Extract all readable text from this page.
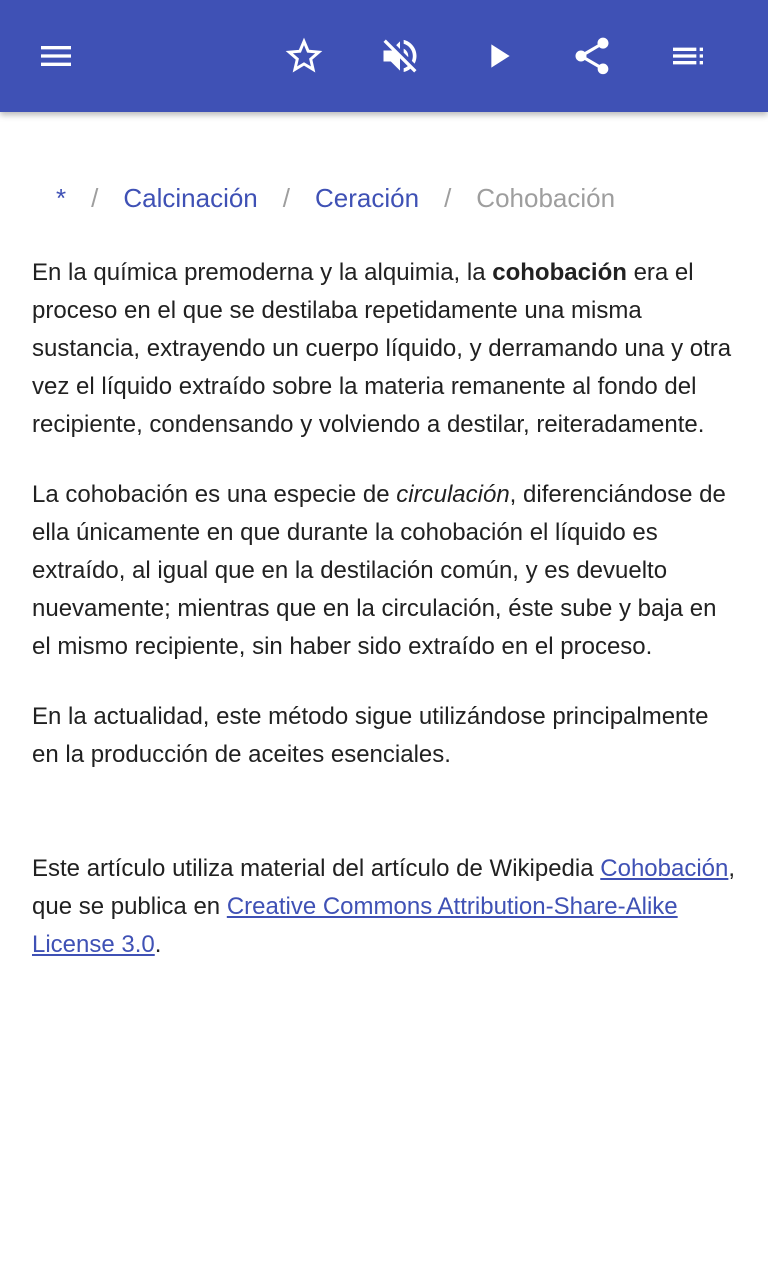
* / Calcinación / Ceración / Cohobación

En la química premoderna y la alquimia, la cohobación era el proceso en el que se destilaba repetidamente una misma sustancia, extrayendo un cuerpo líquido, y derramando una y otra vez el líquido extraído sobre la materia remanente al fondo del recipiente, condensando y volviendo a destilar, reiteradamente.

La cohobación es una especie de circulación, diferenciándose de ella únicamente en que durante la cohobación el líquido es extraído, al igual que en la destilación común, y es devuelto nuevamente; mientras que en la circulación, éste sube y baja en el mismo recipiente, sin haber sido extraído en el proceso.

En la actualidad, este método sigue utilizándose principalmente en la producción de aceites esenciales.

Este artículo utiliza material del artículo de Wikipedia Cohobación, que se publica en Creative Commons Attribution-Share-Alike License 3.0.
